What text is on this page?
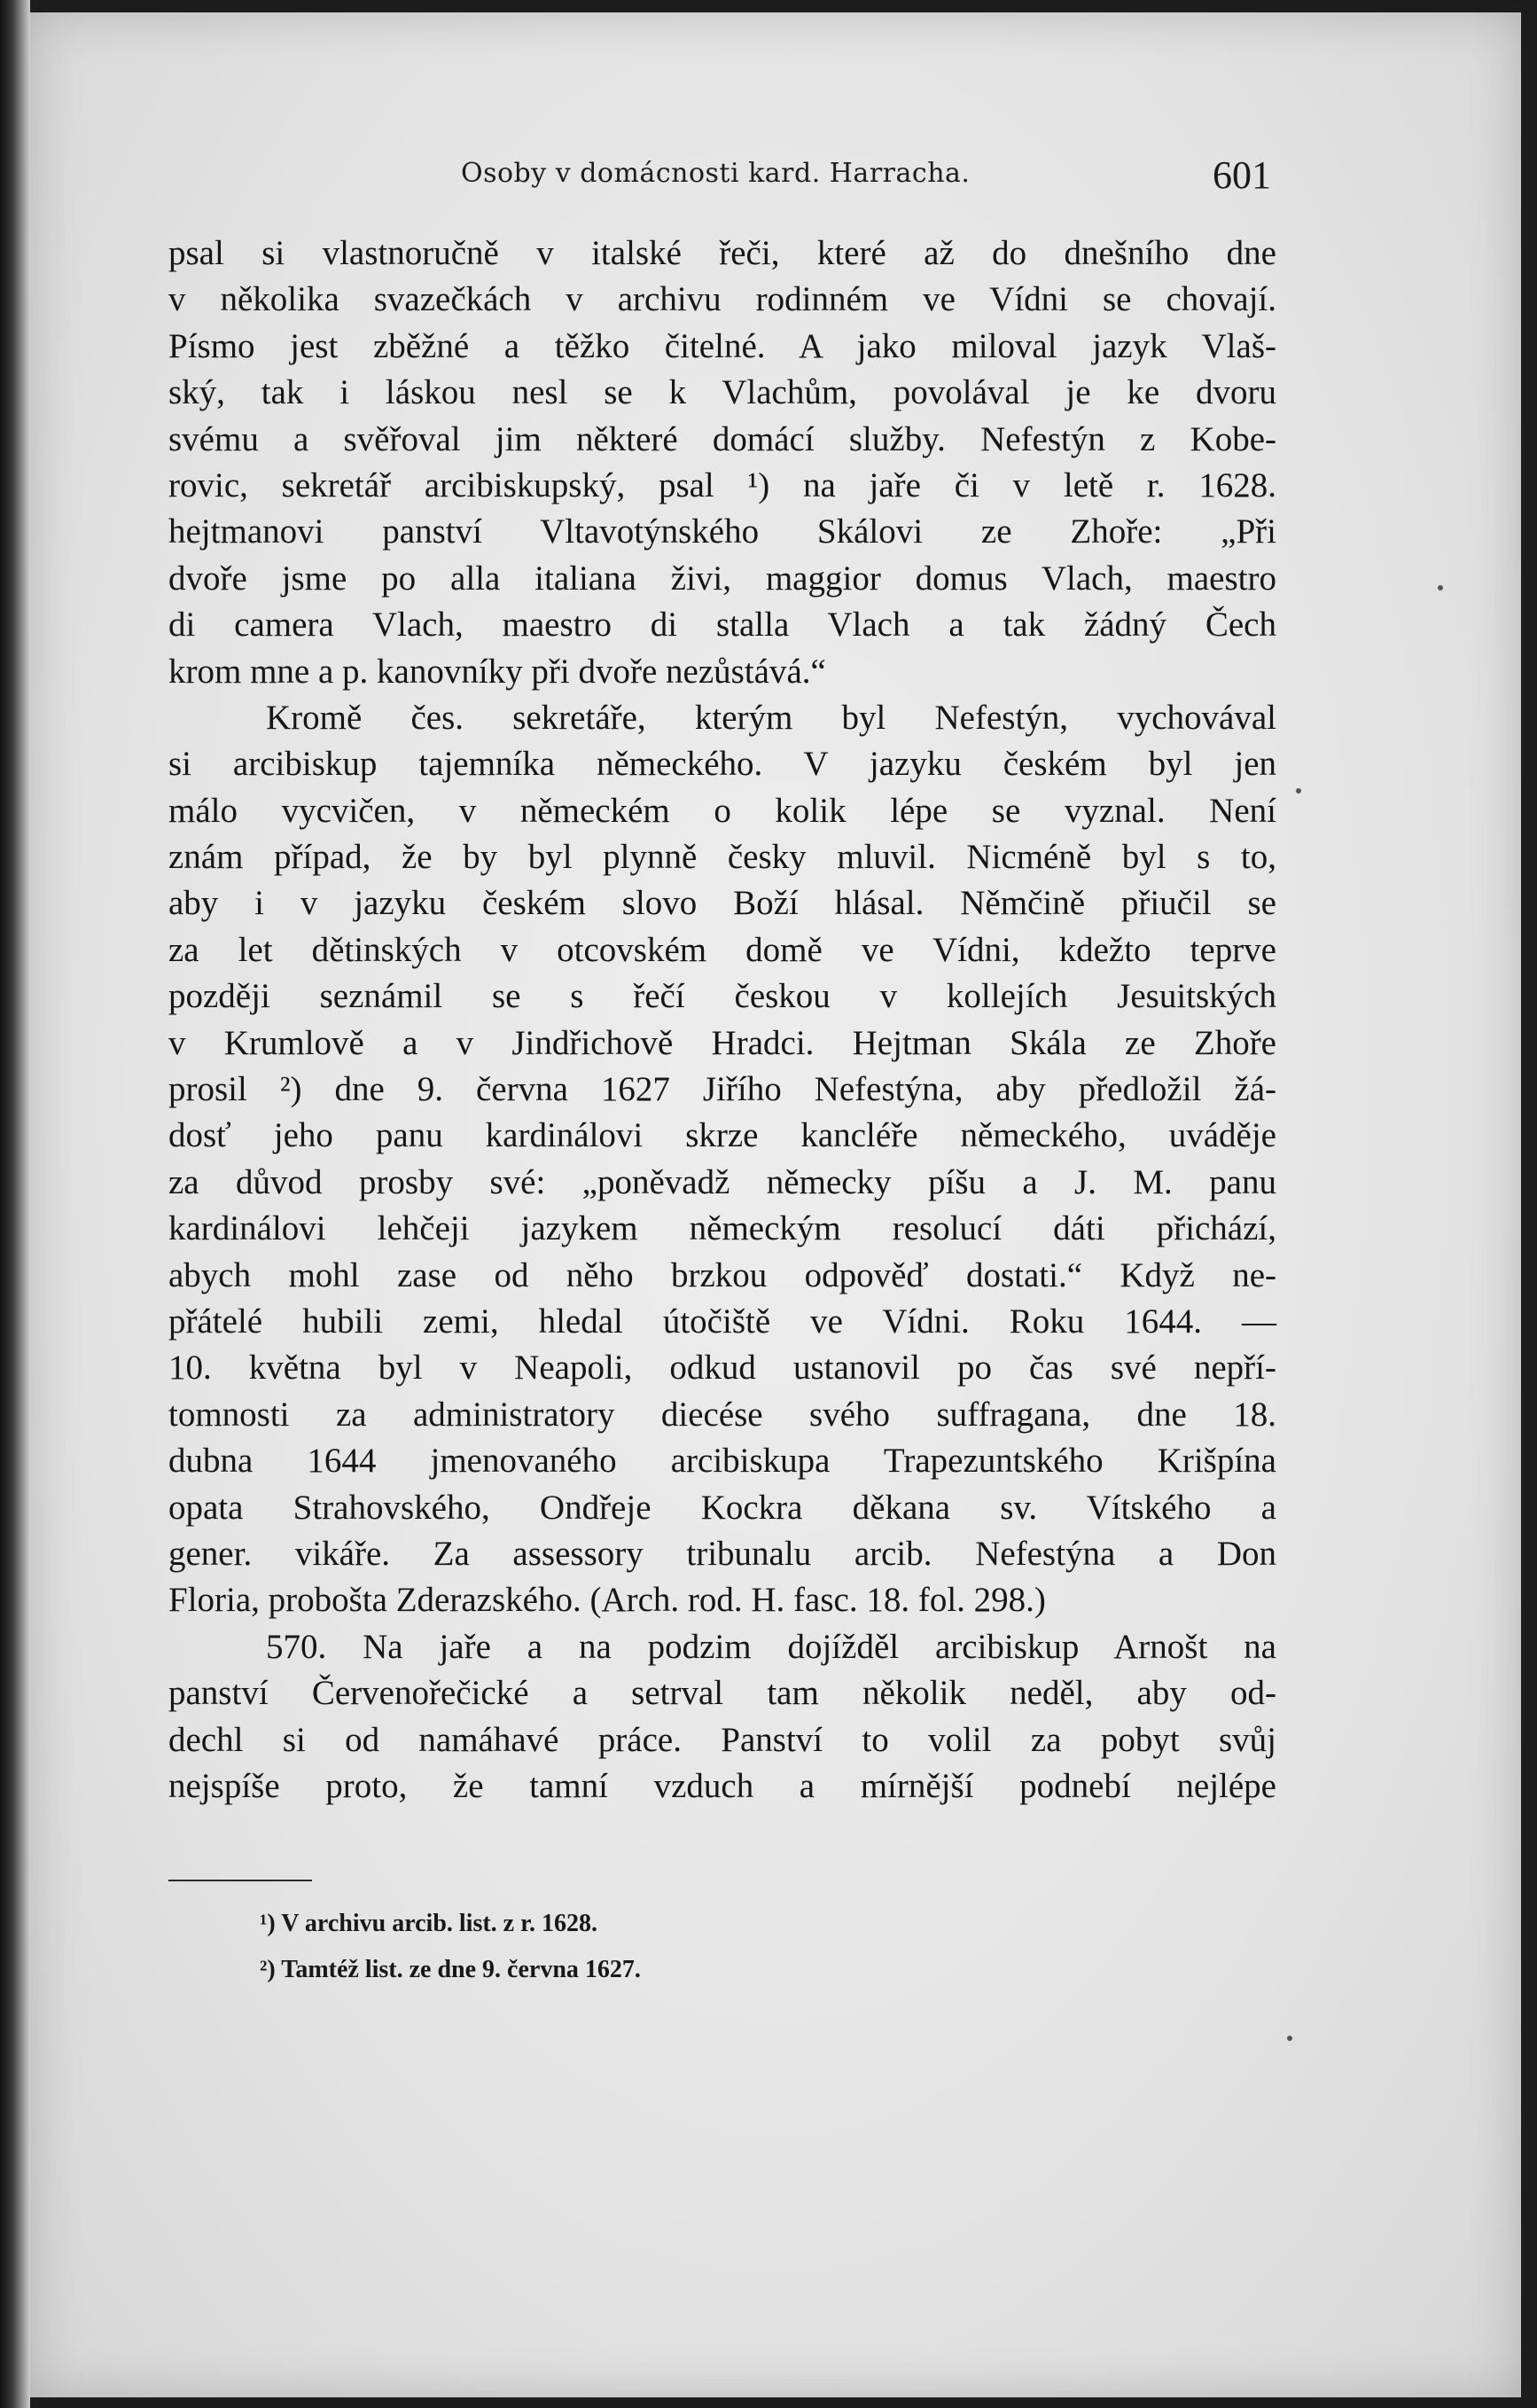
Osoby v domácnosti kard. Harracha.	601
psal si vlastnoručně v italské řeči, které až do dnešního dne
v několika svazečkách v archivu rodinném ve Vídni se chovají.
Písmo jest zběžné a těžko čitelné. A jako miloval jazyk Vlaš-
ský, tak i láskou nesl se k Vlachům, povolával je ke dvoru
svému a svěřoval jim některé domácí služby. Nefestýn z Kobe-
rovic, sekretář arcibiskupský, psal ¹) na jaře či v letě r. 1628.
hejtmanovi panství Vltavotýnského Skálovi ze Zhoře: „Při
dvoře jsme po alla italiana živi, maggior domus Vlach, maestro
di camera Vlach, maestro di stalla Vlach a tak žádný Čech
krom mne a p. kanovníky při dvoře nezůstává.“
Kromě čes. sekretáře, kterým byl Nefestýn, vychovával
si arcibiskup tajemníka německého. V jazyku českém byl jen
málo vycvičen, v německém o kolik lépe se vyznal. Není
znám případ, že by byl plynně česky mluvil. Nicméně byl s to,
aby i v jazyku českém slovo Boží hlásal. Němčině přiučil se
za let dětinských v otcovském domě ve Vídni, kdežto teprve
později seznámil se s řečí českou v kollejích Jesuitských
v Krumlově a v Jindřichově Hradci. Hejtman Skála ze Zhoře
prosil ²) dne 9. června 1627 Jiřího Nefestýna, aby předložil žá-
dosť jeho panu kardinálovi skrze kancléře německého, uváděje
za důvod prosby své: „poněvadž německy píšu a J. M. panu
kardinálovi lehčeji jazykem německým resolucí dáti přichází,
abych mohl zase od něho brzkou odpověď dostati.“ Když ne-
přátelé hubili zemi, hledal útočiště ve Vídni. Roku 1644. —
10. května byl v Neapoli, odkud ustanovil po čas své nepří-
tomnosti za administratory diecése svého suffragana, dne 18.
dubna 1644 jmenovaného arcibiskupa Trapezuntského Krišpína
opata Strahovského, Ondřeje Kockra děkana sv. Vítského a
gener. vikáře. Za assessory tribunalu arcib. Nefestýna a Don
Floria, probošta Zderazského. (Arch. rod. H. fasc. 18. fol. 298.)
570. Na jaře a na podzim dojížděl arcibiskup Arnošt na
panství Červenořečické a setrval tam několik neděl, aby od-
dechl si od namáhavé práce. Panství to volil za pobyt svůj
nejspíše proto, že tamní vzduch a mírnější podnebí nejlépe
¹) V archivu arcib. list. z r. 1628.
²) Tamtéž list. ze dne 9. června 1627.
